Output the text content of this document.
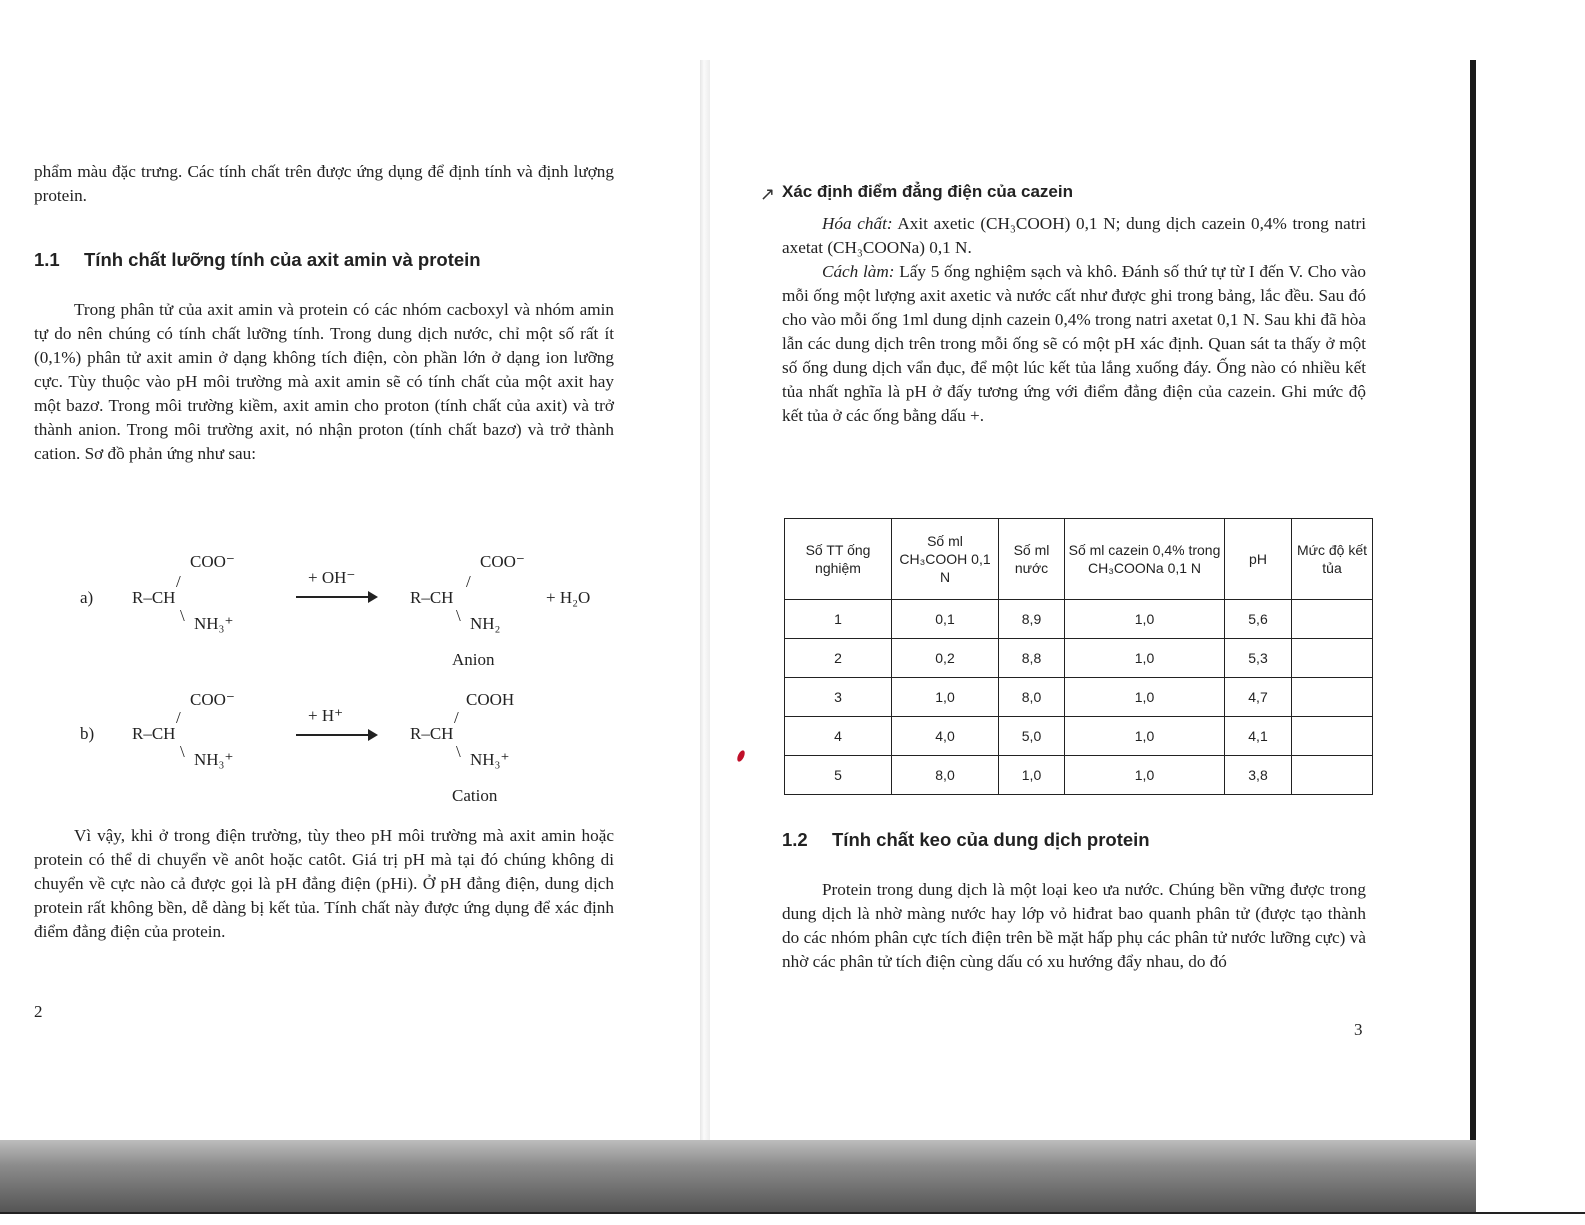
↗

phẩm màu đặc trưng. Các tính chất trên được ứng dụng để định tính và định lượng protein.

1.1 Tính chất lưỡng tính của axit amin và protein

Trong phân tử của axit amin và protein có các nhóm cacboxyl và nhóm amin tự do nên chúng có tính chất lưỡng tính. Trong dung dịch nước, chỉ một số rất ít (0,1%) phân tử axit amin ở dạng không tích điện, còn phần lớn ở dạng ion lưỡng cực. Tùy thuộc vào pH môi trường mà axit amin sẽ có tính chất của một axit hay một bazơ. Trong môi trường kiềm, axit amin cho proton (tính chất của axit) và trở thành anion. Trong môi trường axit, nó nhận proton (tính chất bazơ) và trở thành cation. Sơ đồ phản ứng như sau:

a)
COO⁻
/
R–CH
\ NH₃⁺
+ OH⁻
COO⁻
/
R–CH
\ NH₂
+ H₂O
Anion
b)
COO⁻
/
R–CH
\ NH₃⁺
+ H⁺
COOH
/
R–CH
\ NH₃⁺
Cation

Vì vậy, khi ở trong điện trường, tùy theo pH môi trường mà axit amin hoặc protein có thể di chuyển về anôt hoặc catôt. Giá trị pH mà tại đó chúng không di chuyển về cực nào cả được gọi là pH đẳng điện (pHi). Ở pH đẳng điện, dung dịch protein rất không bền, dễ dàng bị kết tủa. Tính chất này được ứng dụng để xác định điểm đẳng điện của protein.

2
Xác định điểm đẳng điện của cazein

Hóa chất: Axit axetic (CH₃COOH) 0,1 N; dung dịch cazein 0,4% trong natri axetat (CH₃COONa) 0,1 N.

Cách làm: Lấy 5 ống nghiệm sạch và khô. Đánh số thứ tự từ I đến V. Cho vào mỗi ống một lượng axit axetic và nước cất như được ghi trong bảng, lắc đều. Sau đó cho vào mỗi ống 1ml dung dịnh cazein 0,4% trong natri axetat 0,1 N. Sau khi đã hòa lẫn các dung dịch trên trong mỗi ống sẽ có một pH xác định. Quan sát ta thấy ở một số ống dung dịch vẩn đục, để một lúc kết tủa lắng xuống đáy. Ống nào có nhiều kết tủa nhất nghĩa là pH ở đấy tương ứng với điểm đẳng điện của cazein. Ghi mức độ kết tủa ở các ống bằng dấu +.

Số TT ống nghiệm	Số ml CH₃COOH 0,1 N	Số ml nước	Số ml cazein 0,4% trong CH₃COONa 0,1 N	pH	Mức độ kết tủa
1	0,1	8,9	1,0	5,6	
2	0,2	8,8	1,0	5,3	
3	1,0	8,0	1,0	4,7	
4	4,0	5,0	1,0	4,1	
5	8,0	1,0	1,0	3,8	
1.2 Tính chất keo của dung dịch protein

Protein trong dung dịch là một loại keo ưa nước. Chúng bền vững được trong dung dịch là nhờ màng nước hay lớp vỏ hiđrat bao quanh phân tử (được tạo thành do các nhóm phân cực tích điện trên bề mặt hấp phụ các phân tử nước lưỡng cực) và nhờ các phân tử tích điện cùng dấu có xu hướng đẩy nhau, do đó

3
